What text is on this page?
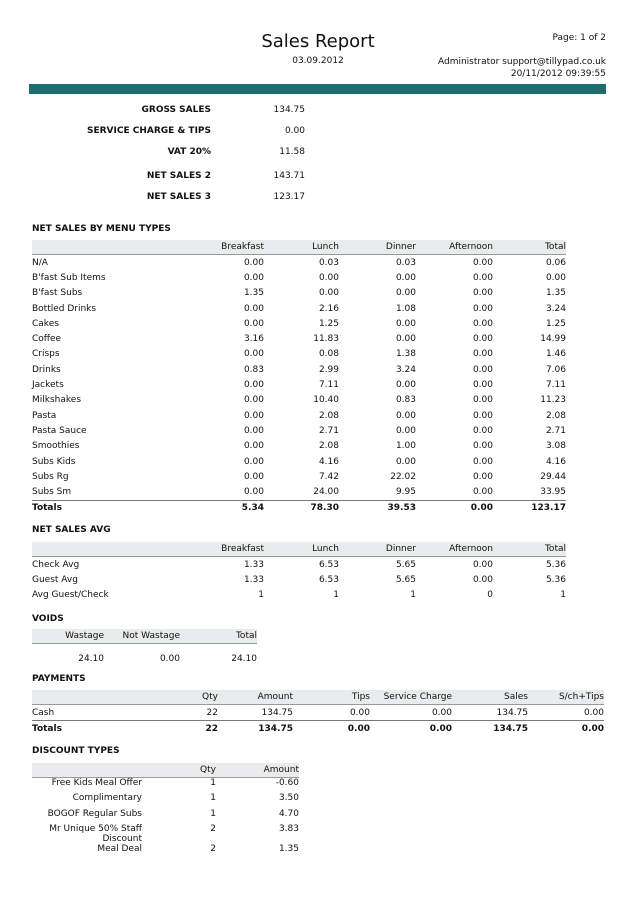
Sales Report
03.09.2012
Page: 1 of 2
Administrator support@tillypad.co.uk
20/11/2012 09:39:55
GROSS SALES	134.75
SERVICE CHARGE & TIPS	0.00
VAT 20%	11.58
NET SALES 2	143.71
NET SALES 3	123.17
NET SALES BY MENU TYPES
	Breakfast	Lunch	Dinner	Afternoon	Total
N/A	0.00	0.03	0.03	0.00	0.06
B'fast Sub Items	0.00	0.00	0.00	0.00	0.00
B'fast Subs	1.35	0.00	0.00	0.00	1.35
Bottled Drinks	0.00	2.16	1.08	0.00	3.24
Cakes	0.00	1.25	0.00	0.00	1.25
Coffee	3.16	11.83	0.00	0.00	14.99
Crisps	0.00	0.08	1.38	0.00	1.46
Drinks	0.83	2.99	3.24	0.00	7.06
Jackets	0.00	7.11	0.00	0.00	7.11
Milkshakes	0.00	10.40	0.83	0.00	11.23
Pasta	0.00	2.08	0.00	0.00	2.08
Pasta Sauce	0.00	2.71	0.00	0.00	2.71
Smoothies	0.00	2.08	1.00	0.00	3.08
Subs Kids	0.00	4.16	0.00	0.00	4.16
Subs Rg	0.00	7.42	22.02	0.00	29.44
Subs Sm	0.00	24.00	9.95	0.00	33.95
Totals	5.34	78.30	39.53	0.00	123.17
NET SALES AVG
	Breakfast	Lunch	Dinner	Afternoon	Total
Check Avg	1.33	6.53	5.65	0.00	5.36
Guest Avg	1.33	6.53	5.65	0.00	5.36
Avg Guest/Check	1	1	1	0	1
VOIDS
Wastage	Not Wastage	Total
24.10	0.00	24.10
PAYMENTS
	Qty	Amount	Tips	Service Charge	Sales	S/ch+Tips
Cash	22	134.75	0.00	0.00	134.75	0.00
Totals	22	134.75	0.00	0.00	134.75	0.00
DISCOUNT TYPES
	Qty	Amount
Free Kids Meal Offer	1	-0.60
Complimentary	1	3.50
BOGOF Regular Subs	1	4.70
Mr Unique 50% Staff Discount	2	3.83
Meal Deal	2	1.35
